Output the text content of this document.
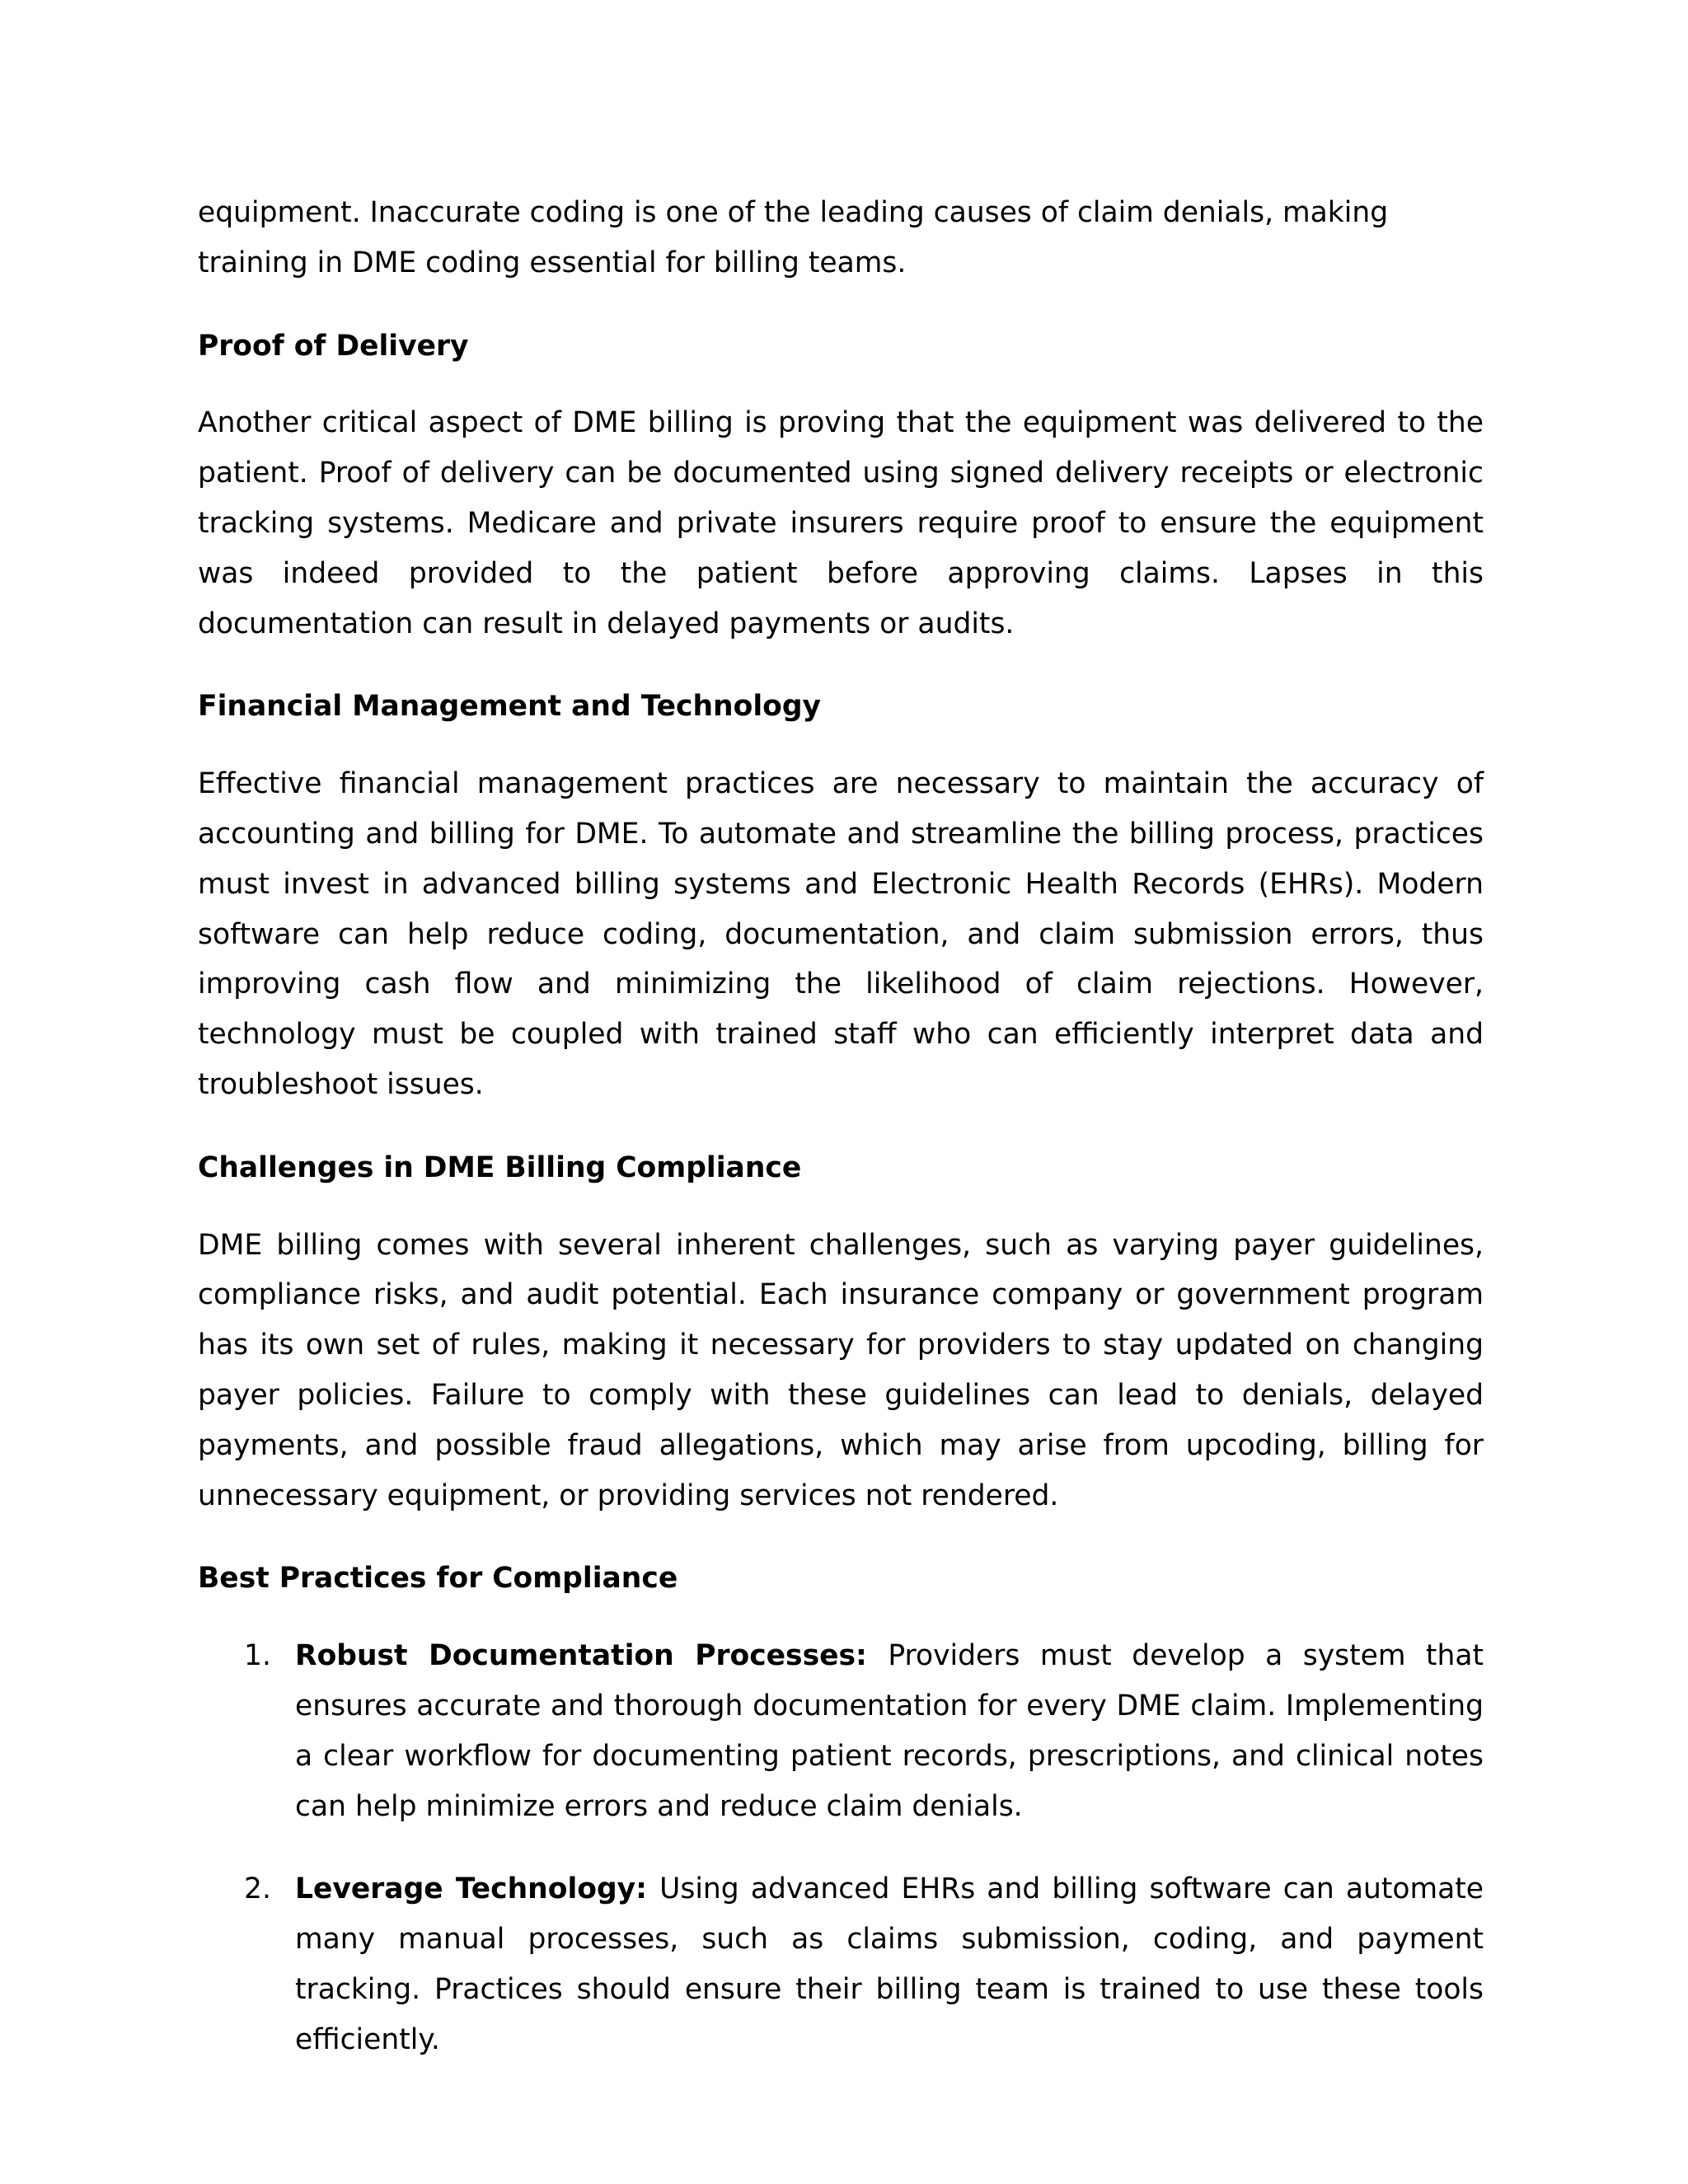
equipment. Inaccurate coding is one of the leading causes of claim denials, making training in DME coding essential for billing teams.

Proof of Delivery

Another critical aspect of DME billing is proving that the equipment was delivered to the patient. Proof of delivery can be documented using signed delivery receipts or electronic tracking systems. Medicare and private insurers require proof to ensure the equipment was indeed provided to the patient before approving claims. Lapses in this documentation can result in delayed payments or audits.

Financial Management and Technology

Effective financial management practices are necessary to maintain the accuracy of accounting and billing for DME. To automate and streamline the billing process, practices must invest in advanced billing systems and Electronic Health Records (EHRs). Modern software can help reduce coding, documentation, and claim submission errors, thus improving cash flow and minimizing the likelihood of claim rejections. However, technology must be coupled with trained staff who can efficiently interpret data and troubleshoot issues.

Challenges in DME Billing Compliance

DME billing comes with several inherent challenges, such as varying payer guidelines, compliance risks, and audit potential. Each insurance company or government program has its own set of rules, making it necessary for providers to stay updated on changing payer policies. Failure to comply with these guidelines can lead to denials, delayed payments, and possible fraud allegations, which may arise from upcoding, billing for unnecessary equipment, or providing services not rendered.

Best Practices for Compliance
1. Robust Documentation Processes: Providers must develop a system that ensures accurate and thorough documentation for every DME claim. Implementing a clear workflow for documenting patient records, prescriptions, and clinical notes can help minimize errors and reduce claim denials.
2. Leverage Technology: Using advanced EHRs and billing software can automate many manual processes, such as claims submission, coding, and payment tracking. Practices should ensure their billing team is trained to use these tools efficiently.
